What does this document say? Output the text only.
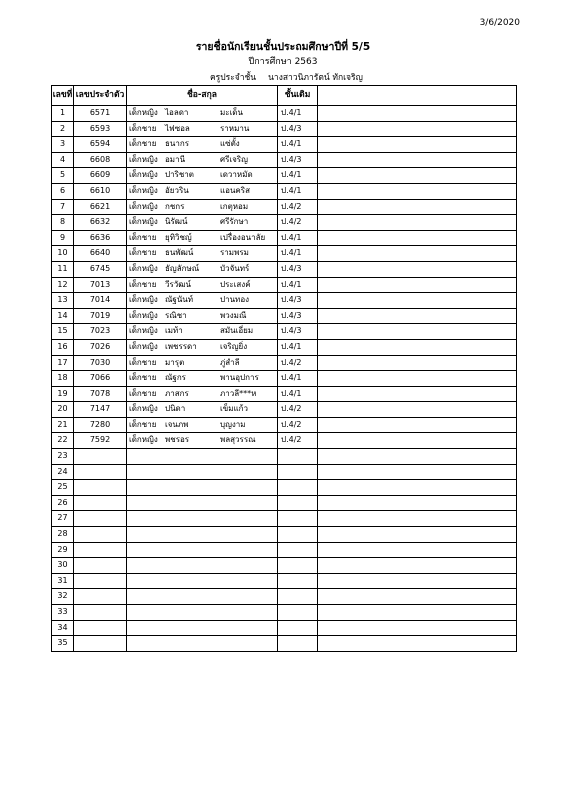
3/6/2020
รายชื่อนักเรียนชั้นประถมศึกษาปีที่ 5/5
ปีการศึกษา 2563
ครูประจำชั้น นางสาวนิภารัตน์ ทักเจริญ
เลขที่	เลขประจำตัว	ชื่อ-สกุล	ชั้นเดิม	
1	6571	เด็กหญิง ไอลดา มะเด็น	ป.4/1	
2	6593	เด็กชาย ไฟซอล ราหมาน	ป.4/3	
3	6594	เด็กชาย ธนากร แซ่ตั้ง	ป.4/1	
4	6608	เด็กหญิง อมานี ศรีเจริญ	ป.4/3	
5	6609	เด็กหญิง ปาริชาต เดวาหมัด	ป.4/1	
6	6610	เด็กหญิง อัยวริน แอนคริส	ป.4/1	
7	6621	เด็กหญิง กชกร เกตุหอม	ป.4/2	
8	6632	เด็กหญิง นิรัฒน์ ศรีรักษา	ป.4/2	
9	6636	เด็กชาย ยุทิวิชญ์ เปรื่องอนาลัย	ป.4/1	
10	6640	เด็กชาย ธนพัฒน์ รามพรม	ป.4/1	
11	6745	เด็กหญิง ธัญลักษณ์ บัวจันทร์	ป.4/3	
12	7013	เด็กชาย วีรวัฒน์ ประเสงค์	ป.4/1	
13	7014	เด็กหญิง ณัฐนันท์ ปานทอง	ป.4/3	
14	7019	เด็กหญิง รณิชา พวงมณี	ป.4/3	
15	7023	เด็กหญิง เมท้า สมันเอี่ยม	ป.4/3	
16	7026	เด็กหญิง เพชรรดา เจริญยิ่ง	ป.4/1	
17	7030	เด็กชาย มารุต ภู่สำลี	ป.4/2	
18	7066	เด็กชาย ณัฐกร พานอุปการ	ป.4/1	
19	7078	เด็กชาย ภาสกร ภาวลี***ห	ป.4/1	
20	7147	เด็กหญิง ปนิดา เข็มแก้ว	ป.4/2	
21	7280	เด็กชาย เจนภพ บุญงาม	ป.4/2	
22	7592	เด็กหญิง พชรอร พลสุวรรณ	ป.4/2	
23				
24				
25				
26				
27				
28				
29				
30				
31				
32				
33				
34				
35				
